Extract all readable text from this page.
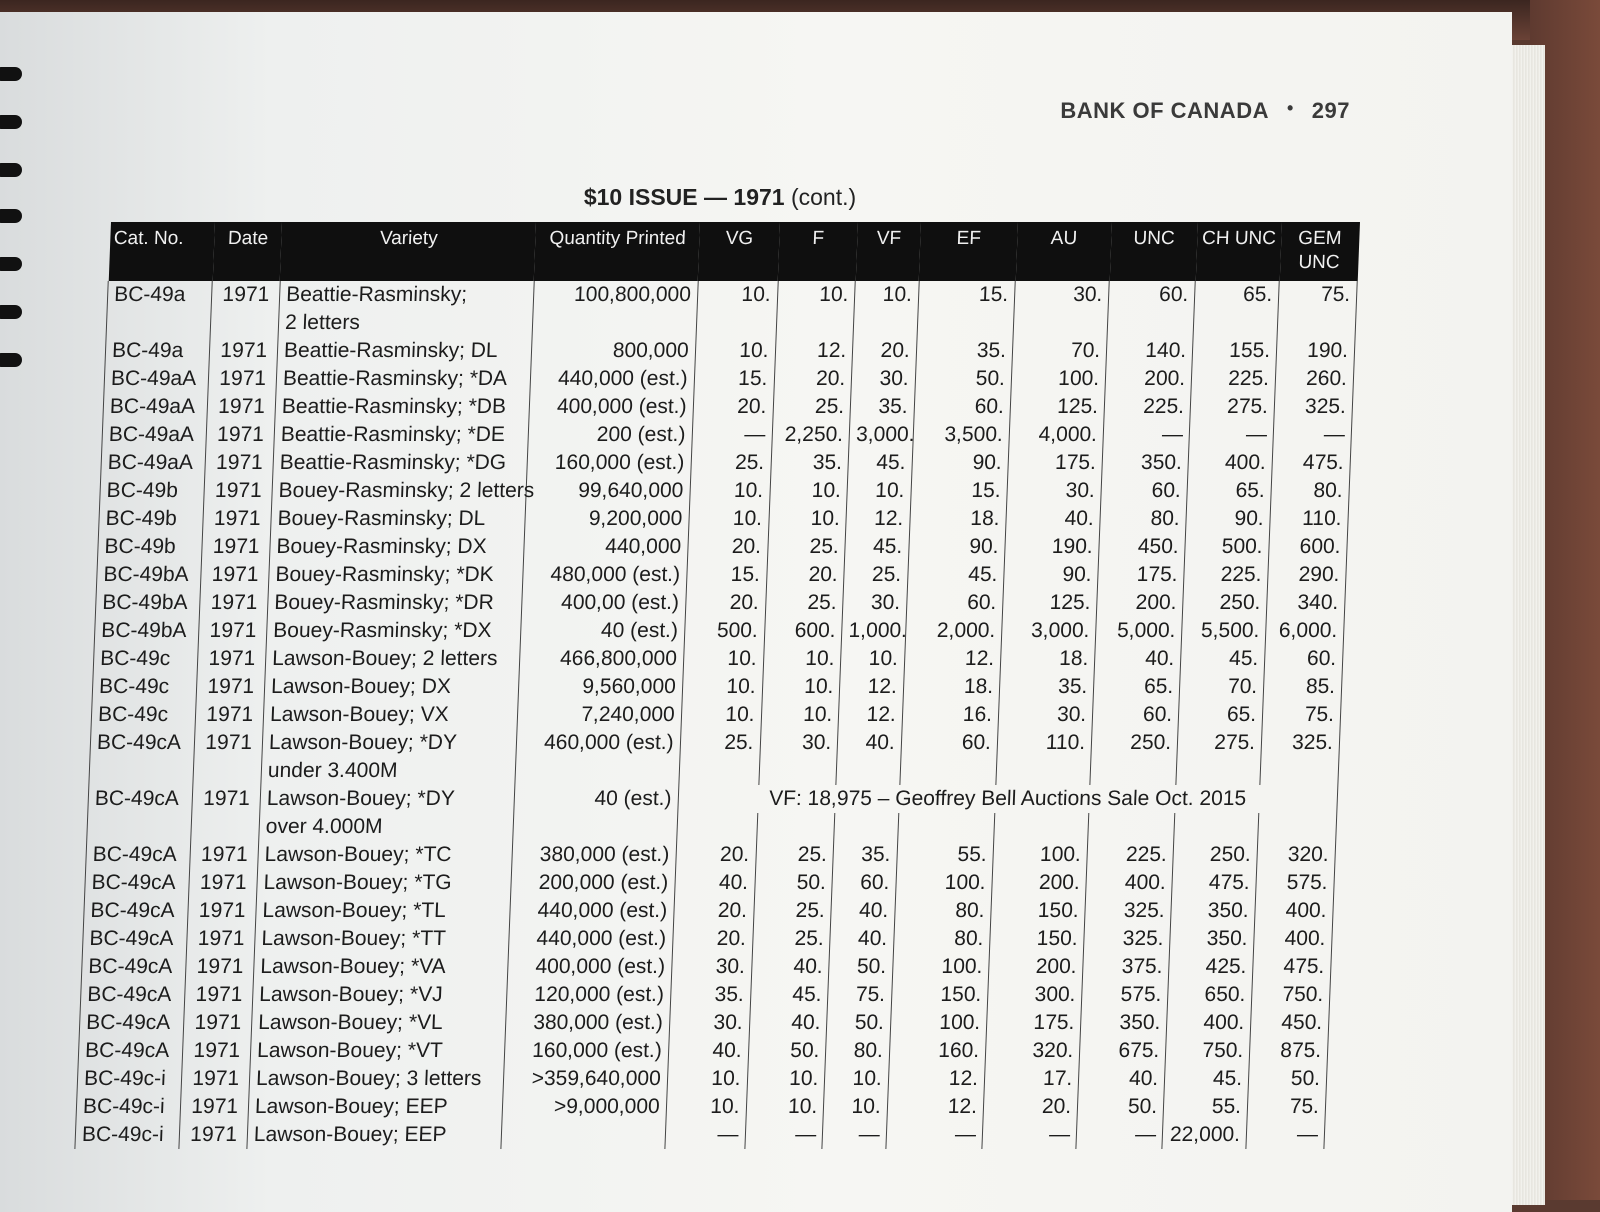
BANK OF CANADA • 297
$10 ISSUE — 1971 (cont.)
Cat. No.	Date	Variety	Quantity Printed	VG	F	VF	EF	AU	UNC	CH UNC	GEM UNC
BC-49a	1971	Beattie-Rasminsky;	100,800,000	10.	10.	10.	15.	30.	60.	65.	75.
		2 letters									
BC-49a	1971	Beattie-Rasminsky; DL	800,000	10.	12.	20.	35.	70.	140.	155.	190.
BC-49aA	1971	Beattie-Rasminsky; *DA	440,000 (est.)	15.	20.	30.	50.	100.	200.	225.	260.
BC-49aA	1971	Beattie-Rasminsky; *DB	400,000 (est.)	20.	25.	35.	60.	125.	225.	275.	325.
BC-49aA	1971	Beattie-Rasminsky; *DE	200 (est.)	—	2,250.	3,000.	3,500.	4,000.	—	—	—
BC-49aA	1971	Beattie-Rasminsky; *DG	160,000 (est.)	25.	35.	45.	90.	175.	350.	400.	475.
BC-49b	1971	Bouey-Rasminsky; 2 letters	99,640,000	10.	10.	10.	15.	30.	60.	65.	80.
BC-49b	1971	Bouey-Rasminsky; DL	9,200,000	10.	10.	12.	18.	40.	80.	90.	110.
BC-49b	1971	Bouey-Rasminsky; DX	440,000	20.	25.	45.	90.	190.	450.	500.	600.
BC-49bA	1971	Bouey-Rasminsky; *DK	480,000 (est.)	15.	20.	25.	45.	90.	175.	225.	290.
BC-49bA	1971	Bouey-Rasminsky; *DR	400,00 (est.)	20.	25.	30.	60.	125.	200.	250.	340.
BC-49bA	1971	Bouey-Rasminsky; *DX	40 (est.)	500.	600.	1,000.	2,000.	3,000.	5,000.	5,500.	6,000.
BC-49c	1971	Lawson-Bouey; 2 letters	466,800,000	10.	10.	10.	12.	18.	40.	45.	60.
BC-49c	1971	Lawson-Bouey; DX	9,560,000	10.	10.	12.	18.	35.	65.	70.	85.
BC-49c	1971	Lawson-Bouey; VX	7,240,000	10.	10.	12.	16.	30.	60.	65.	75.
BC-49cA	1971	Lawson-Bouey; *DY	460,000 (est.)	25.	30.	40.	60.	110.	250.	275.	325.
		under 3.400M									
BC-49cA	1971	Lawson-Bouey; *DY	40 (est.)	VF: 18,975 – Geoffrey Bell Auctions Sale Oct. 2015							
		over 4.000M									
BC-49cA	1971	Lawson-Bouey; *TC	380,000 (est.)	20.	25.	35.	55.	100.	225.	250.	320.
BC-49cA	1971	Lawson-Bouey; *TG	200,000 (est.)	40.	50.	60.	100.	200.	400.	475.	575.
BC-49cA	1971	Lawson-Bouey; *TL	440,000 (est.)	20.	25.	40.	80.	150.	325.	350.	400.
BC-49cA	1971	Lawson-Bouey; *TT	440,000 (est.)	20.	25.	40.	80.	150.	325.	350.	400.
BC-49cA	1971	Lawson-Bouey; *VA	400,000 (est.)	30.	40.	50.	100.	200.	375.	425.	475.
BC-49cA	1971	Lawson-Bouey; *VJ	120,000 (est.)	35.	45.	75.	150.	300.	575.	650.	750.
BC-49cA	1971	Lawson-Bouey; *VL	380,000 (est.)	30.	40.	50.	100.	175.	350.	400.	450.
BC-49cA	1971	Lawson-Bouey; *VT	160,000 (est.)	40.	50.	80.	160.	320.	675.	750.	875.
BC-49c-i	1971	Lawson-Bouey; 3 letters	>359,640,000	10.	10.	10.	12.	17.	40.	45.	50.
BC-49c-i	1971	Lawson-Bouey; EEP	>9,000,000	10.	10.	10.	12.	20.	50.	55.	75.
BC-49c-i	1971	Lawson-Bouey; EEP		—	—	—	—	—	—	22,000.	—
